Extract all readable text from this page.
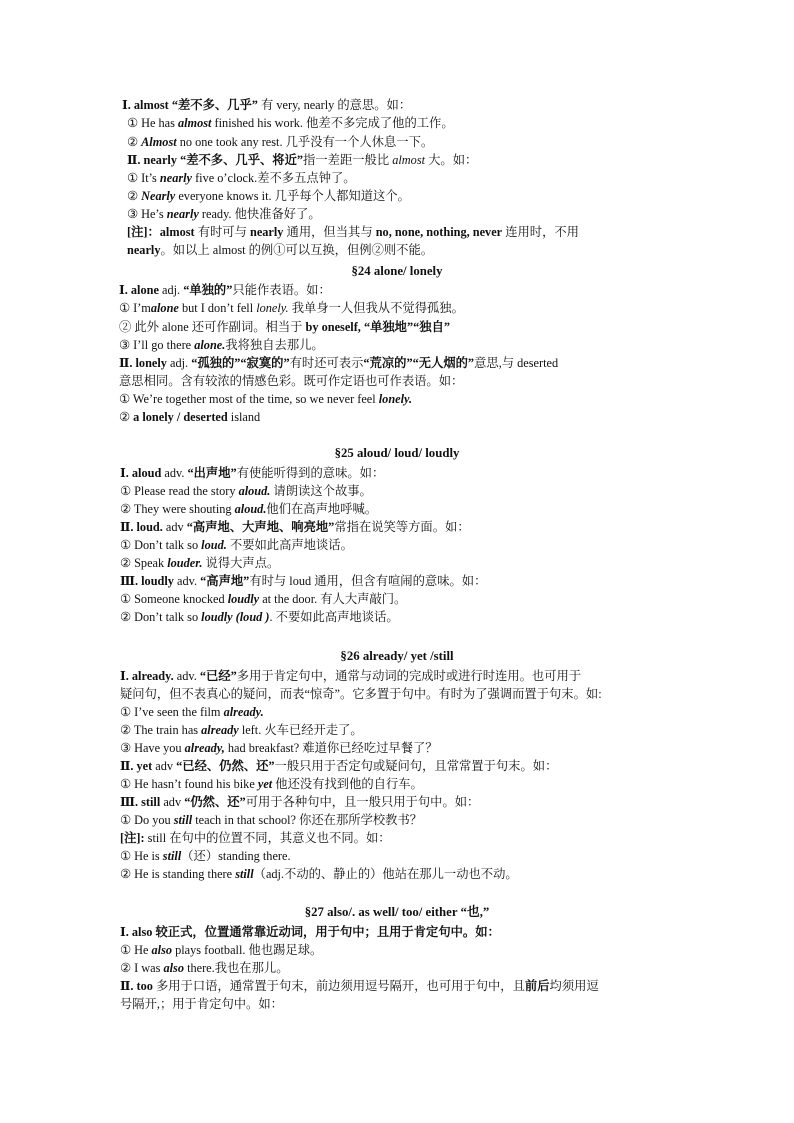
Ⅰ. almost “差不多、几乎” 有 very, nearly 的意思。如：
① He has almost finished his work. 他差不多完成了他的工作。
② Almost no one took any rest. 几乎没有一个人休息一下。
Ⅱ. nearly “差不多、几乎、将近”指一差距一般比 almost 大。如：
① It’s nearly five o’clock.差不多五点钟了。
② Nearly everyone knows it. 几乎每个人都知道这个。
③ He’s nearly ready. 他快准备好了。
[注]：almost 有时可与 nearly 通用，但当其与 no, none, nothing, never 连用时，不用
nearly。如以上 almost 的例①可以互换，但例②则不能。
§24 alone/ lonely
Ⅰ. alone adj. “单独的”只能作表语。如：
① I’malone but I don’t fell lonely. 我单身一人但我从不觉得孤独。
② 此外 alone 还可作副词。相当于 by oneself, “单独地”“独自”
③ I’ll go there alone.我将独自去那儿。
Ⅱ. lonely adj. “孤独的”“寂寞的”有时还可表示“荒凉的”“无人烟的”意思,与 deserted
意思相同。含有较浓的情感色彩。既可作定语也可作表语。如：
① We’re together most of the time, so we never feel lonely.
② a lonely / deserted island
§25 aloud/ loud/ loudly
Ⅰ. aloud adv. “出声地”有使能听得到的意味。如：
① Please read the story aloud. 请朗读这个故事。
② They were shouting aloud.他们在高声地呼喊。
Ⅱ. loud. adv “高声地、大声地、响亮地”常指在说笑等方面。如：
① Don’t talk so loud. 不要如此高声地谈话。
② Speak louder. 说得大声点。
Ⅲ. loudly adv. “高声地”有时与 loud 通用，但含有喧闹的意味。如：
① Someone knocked loudly at the door. 有人大声敲门。
② Don’t talk so loudly (loud ). 不要如此高声地谈话。
§26 already/ yet /still
Ⅰ. already. adv. “已经”多用于肯定句中，通常与动词的完成时或进行时连用。也可用于
疑问句，但不表真心的疑问，而表“惊奇”。它多置于句中。有时为了强调而置于句末。如:
① I’ve seen the film already.
② The train has already left. 火车已经开走了。
③ Have you already, had breakfast? 难道你已经吃过早餐了？
Ⅱ. yet adv “已经、仍然、还”一般只用于否定句或疑问句，且常常置于句末。如：
① He hasn’t found his bike yet 他还没有找到他的自行车。
Ⅲ. still adv “仍然、还”可用于各种句中，且一般只用于句中。如：
① Do you still teach in that school? 你还在那所学校教书？
[注]: still 在句中的位置不同，其意义也不同。如：
① He is still（还）standing there.
② He is standing there still（adj.不动的、静止的）他站在那儿一动也不动。
§27 also/. as well/ too/ either “也,”
Ⅰ. also 较正式，位置通常靠近动词，用于句中；且用于肯定句中。如：
① He also plays football. 他也踢足球。
② I was also there.我也在那儿。
Ⅱ. too 多用于口语，通常置于句末，前边须用逗号隔开，也可用于句中，且前后均须用逗
号隔开,；用于肯定句中。如：
